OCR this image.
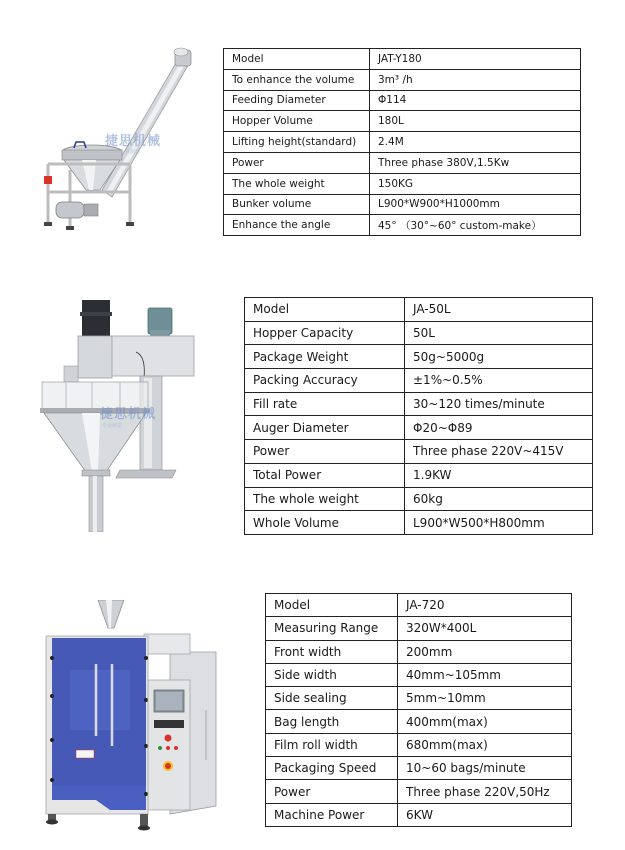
捷思机械
专业制造
Model	JAT-Y180
To enhance the volume	3m³ /h
Feeding Diameter	Φ114
Hopper Volume	180L
Lifting height(standard)	2.4M
Power	Three phase 380V,1.5Kw
The whole weight	150KG
Bunker volume	L900*W900*H1000mm
Enhance the angle	45° （30°~60° custom-make）
捷思机械
专业制造
Model	JA-50L
Hopper Capacity	50L
Package Weight	50g~5000g
Packing Accuracy	±1%~0.5%
Fill rate	30~120 times/minute
Auger Diameter	Φ20~Φ89
Power	Three phase 220V~415V
Total Power	1.9KW
The whole weight	60kg
Whole Volume	L900*W500*H800mm
Model	JA-720
Measuring Range	320W*400L
Front width	200mm
Side width	40mm~105mm
Side sealing	5mm~10mm
Bag length	400mm(max)
Film roll width	680mm(max)
Packaging Speed	10~60 bags/minute
Power	Three phase 220V,50Hz
Machine Power	6KW
